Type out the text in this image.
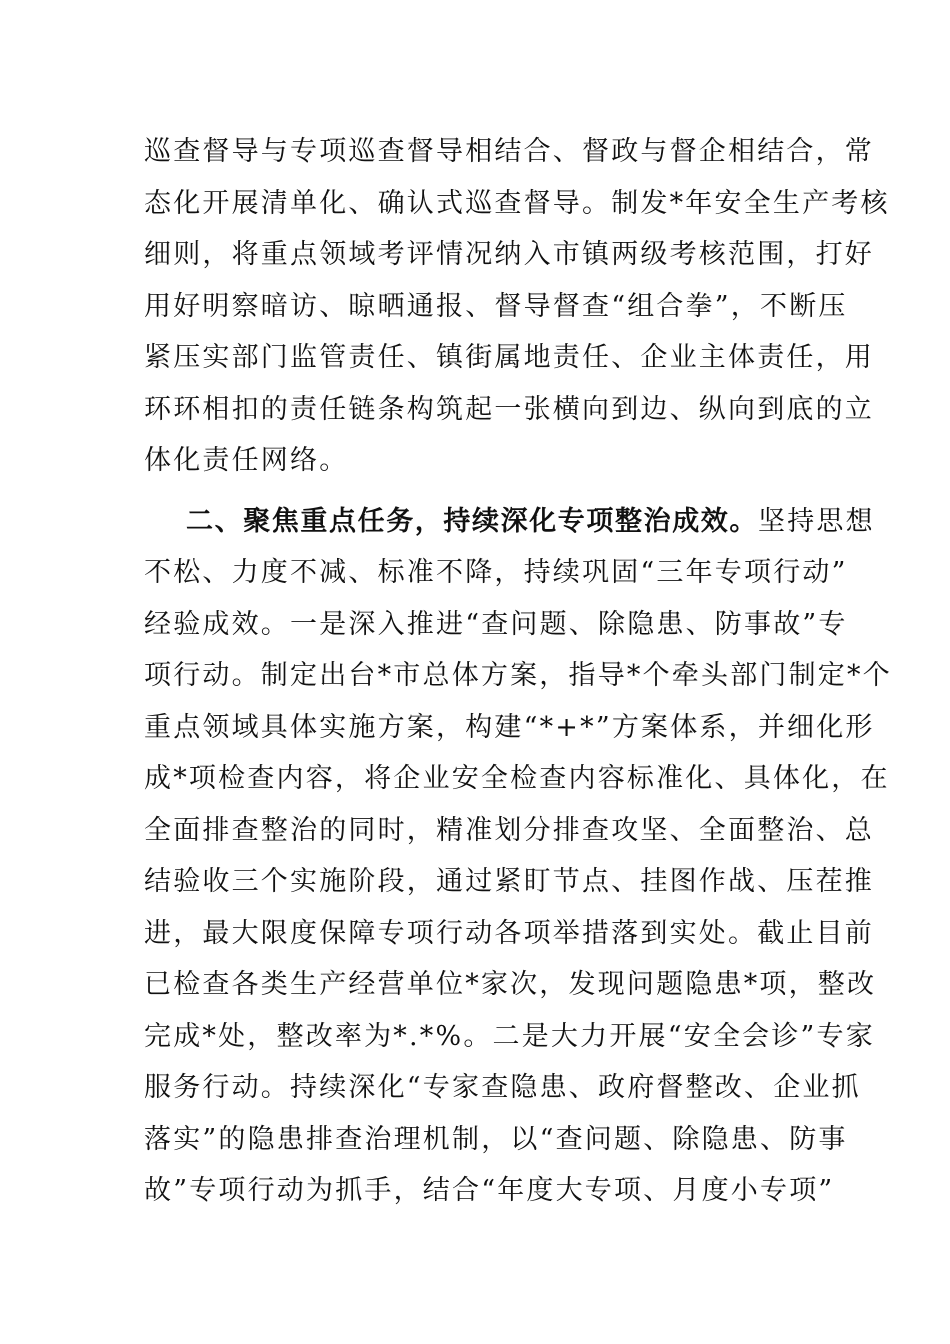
巡查督导与专项巡查督导相结合、督政与督企相结合，常
态化开展清单化、确认式巡查督导。制发*年安全生产考核
细则，将重点领域考评情况纳入市镇两级考核范围，打好
用好明察暗访、晾晒通报、督导督查“组合拳”，不断压
紧压实部门监管责任、镇街属地责任、企业主体责任，用
环环相扣的责任链条构筑起一张横向到边、纵向到底的立
体化责任网络。
二、聚焦重点任务，持续深化专项整治成效。坚持思想
不松、力度不减、标准不降，持续巩固“三年专项行动”
经验成效。一是深入推进“查问题、除隐患、防事故”专
项行动。制定出台*市总体方案，指导*个牵头部门制定*个
重点领域具体实施方案，构建“*+*”方案体系，并细化形
成*项检查内容，将企业安全检查内容标准化、具体化，在
全面排查整治的同时，精准划分排查攻坚、全面整治、总
结验收三个实施阶段，通过紧盯节点、挂图作战、压茬推
进，最大限度保障专项行动各项举措落到实处。截止目前
已检查各类生产经营单位*家次，发现问题隐患*项，整改
完成*处，整改率为*.*%。二是大力开展“安全会诊”专家
服务行动。持续深化“专家查隐患、政府督整改、企业抓
落实”的隐患排查治理机制，以“查问题、除隐患、防事
故”专项行动为抓手，结合“年度大专项、月度小专项”
